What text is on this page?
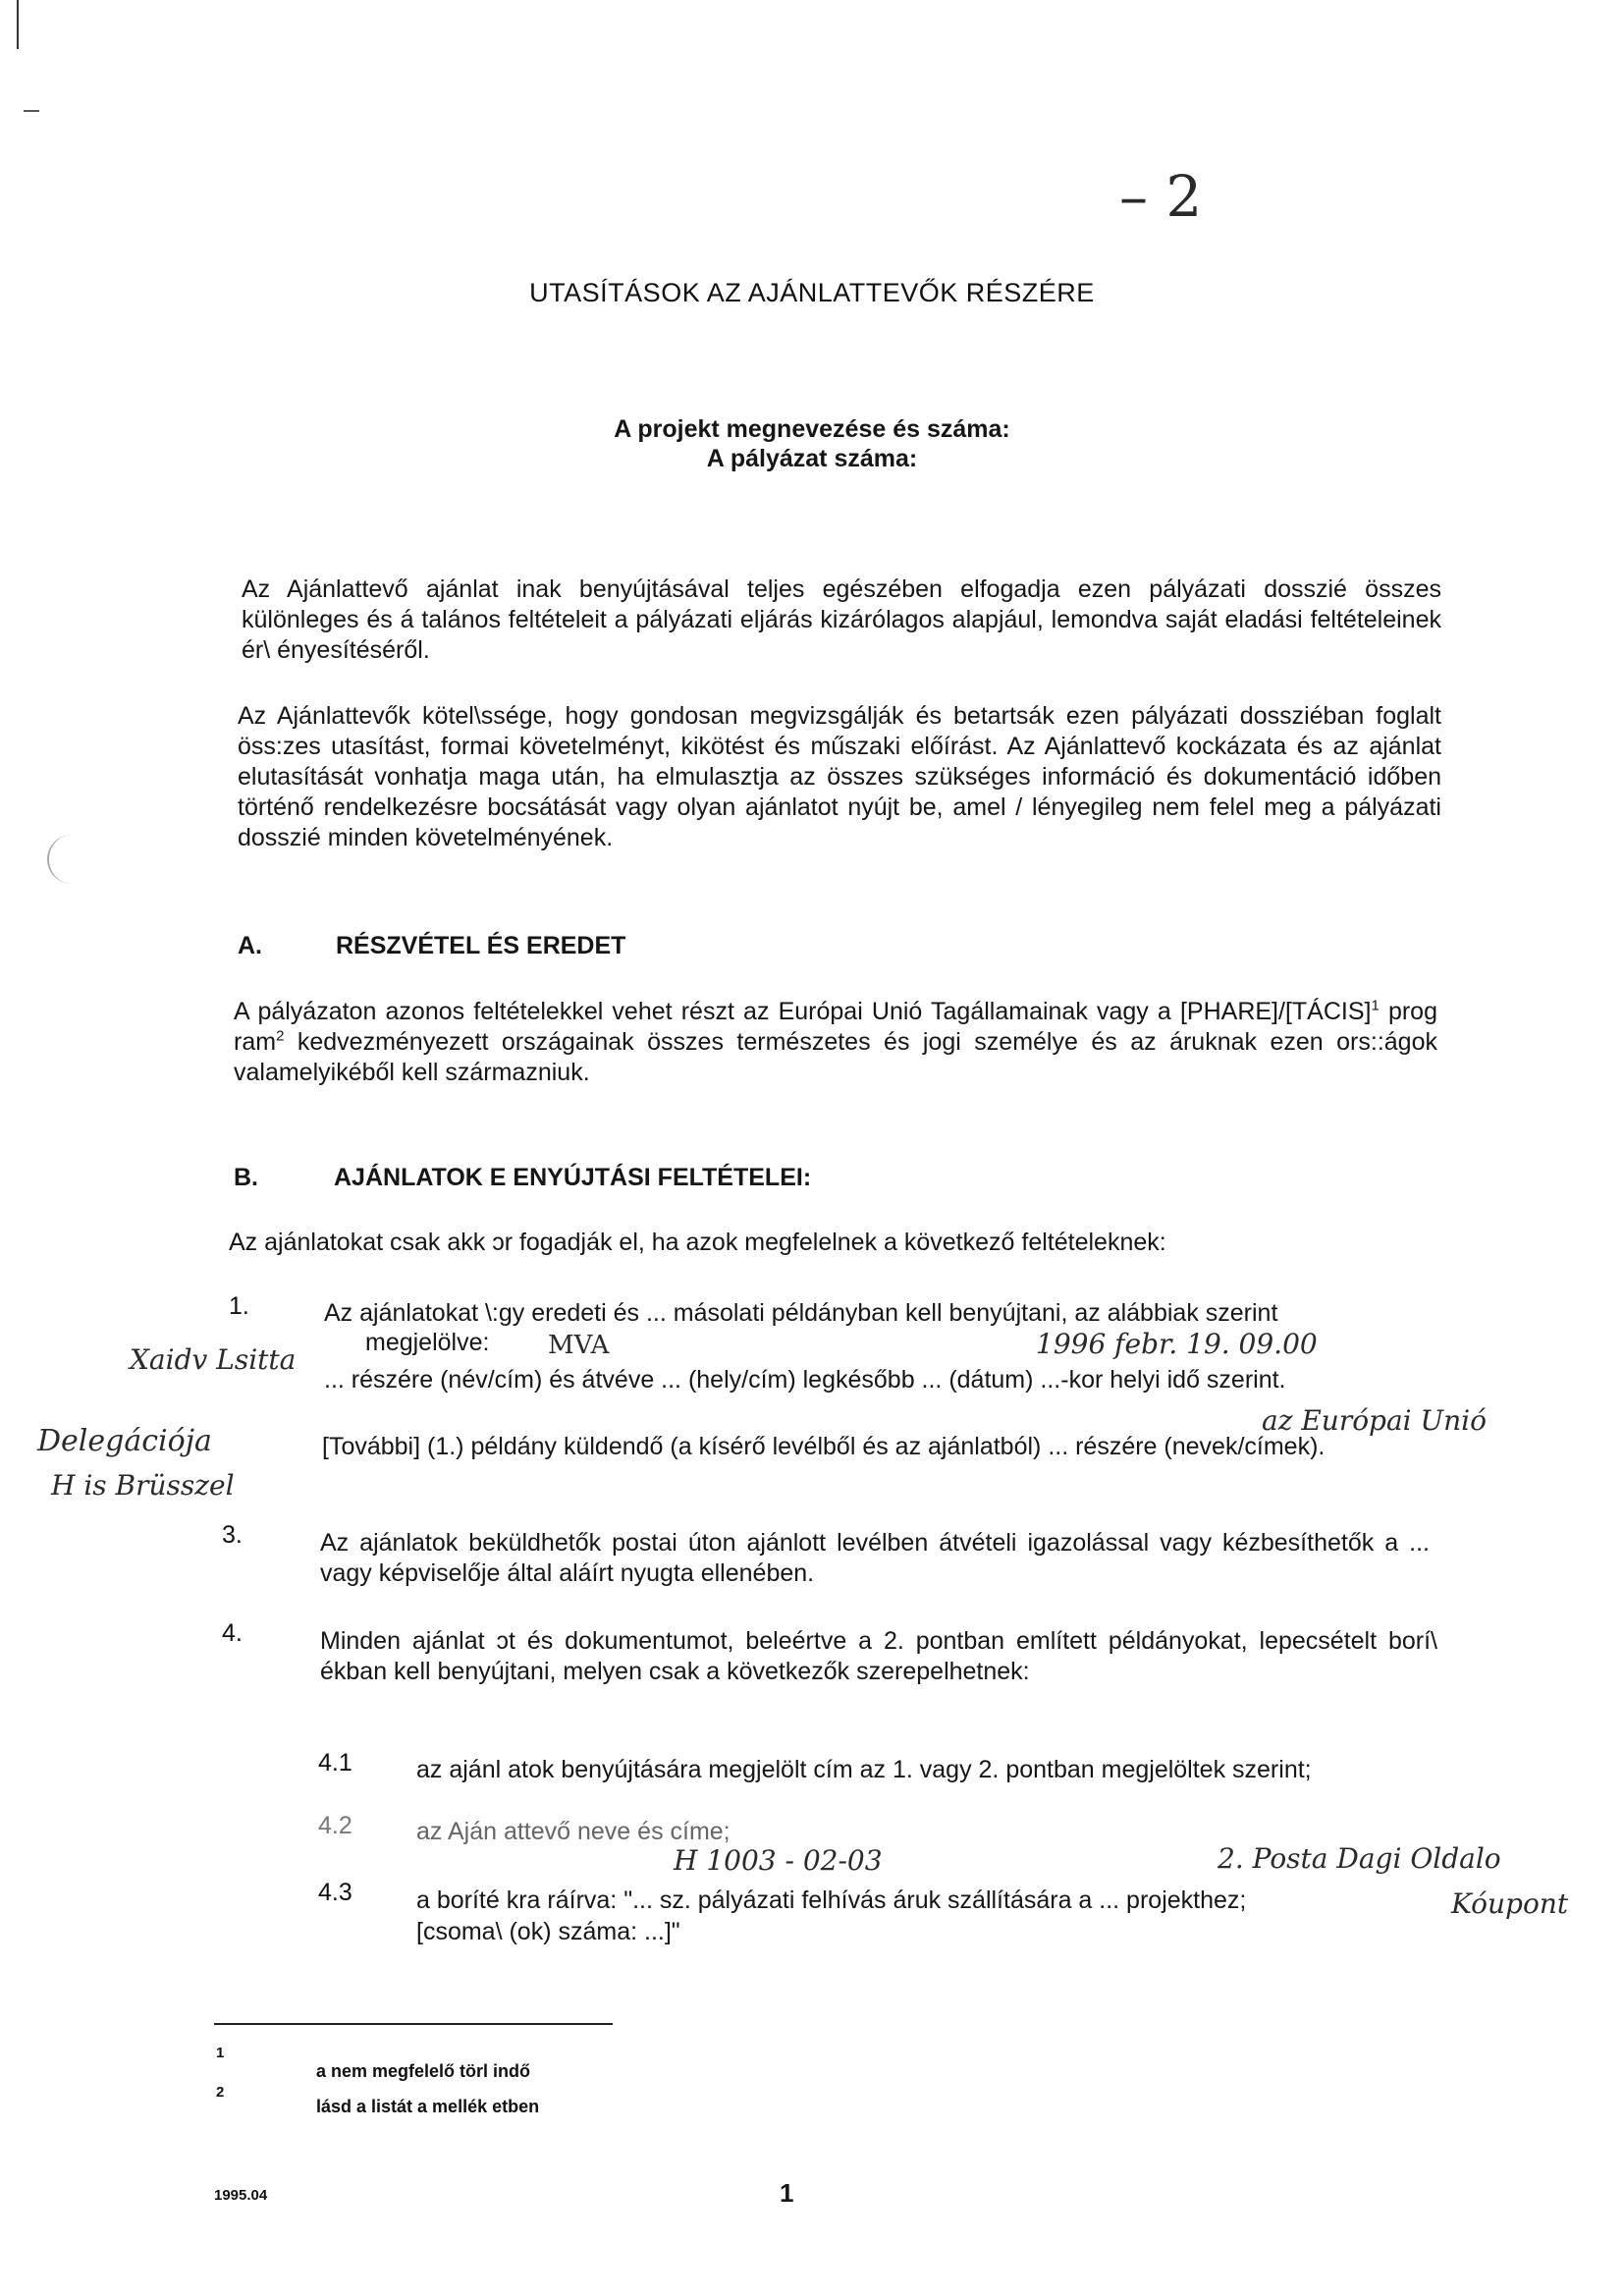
– 2
UTASÍTÁSOK AZ AJÁNLATTEVŐK RÉSZÉRE
A projekt megnevezése és száma:
A pályázat száma:
Az Ajánlattevő ajánlat inak benyújtásával teljes egészében elfogadja ezen pályázati dosszié összes különleges és á talános feltételeit a pályázati eljárás kizárólagos alapjául, lemondva saját eladási feltételeinek ér\ ényesítéséről.
Az Ajánlattevők kötel\ssége, hogy gondosan megvizsgálják és betartsák ezen pályázati dossziéban foglalt öss:zes utasítást, formai követelményt, kikötést és műszaki előírást. Az Ajánlattevő kockázata és az ajánlat elutasítását vonhatja maga után, ha elmulasztja az összes szükséges információ és dokumentáció időben történő rendelkezésre bocsátását vagy olyan ajánlatot nyújt be, amel / lényegileg nem felel meg a pályázati dosszié minden követelményének.
A.	RÉSZVÉTEL ÉS EREDET
A pályázaton azonos feltételekkel vehet részt az Európai Unió Tagállamainak vagy a [PHARE]/[TÁCIS]$^1$ prog ram$^2$ kedvezményezett országainak összes természetes és jogi személye és az áruknak ezen ors::ágok valamelyikéből kell származniuk.
B.	AJÁNLATOK E ENYÚJTÁSI FELTÉTELEI:
Az ajánlatokat csak akk ɔr fogadják el, ha azok megfelelnek a következő feltételeknek:
1.	Az ajánlatokat \:gy eredeti és ... másolati példányban kell benyújtani, az alábbiak szerint
megjelölve:
... részére (név/cím) és átvéve ... (hely/cím) legkésőbb ... (dátum) ...-kor helyi idő szerint.
Xaidv Lsitta	MVA	1996 febr. 19. 09.00
[További] (1.) példány küldendő (a kísérő levélből és az ajánlatból) ... részére (nevek/címek).
Delegációja
H is Brüsszel
az Európai Unió
3.	Az ajánlatok beküldhetők postai úton ajánlott levélben átvételi igazolással vagy kézbesíthetők a ... vagy képviselője által aláírt nyugta ellenében.
4.	Minden ajánlat ɔt és dokumentumot, beleértve a 2. pontban említett példányokat, lepecsételt borí\ ékban kell benyújtani, melyen csak a következők szerepelhetnek:
4.1	az ajánl atok benyújtására megjelölt cím az 1. vagy 2. pontban megjelöltek szerint;
4.2	az Aján attevő neve és címe;
H 1003 - 02-03	2. Posta Dagi Oldalo
4.3	a boríté kra ráírva: "... sz. pályázati felhívás áruk szállítására a ... projekthez;
[csoma\ (ok) száma: ...]"
Kóupont
1
a nem megfelelő törl indő
2
lásd a listát a mellék etben
1995.04	1
